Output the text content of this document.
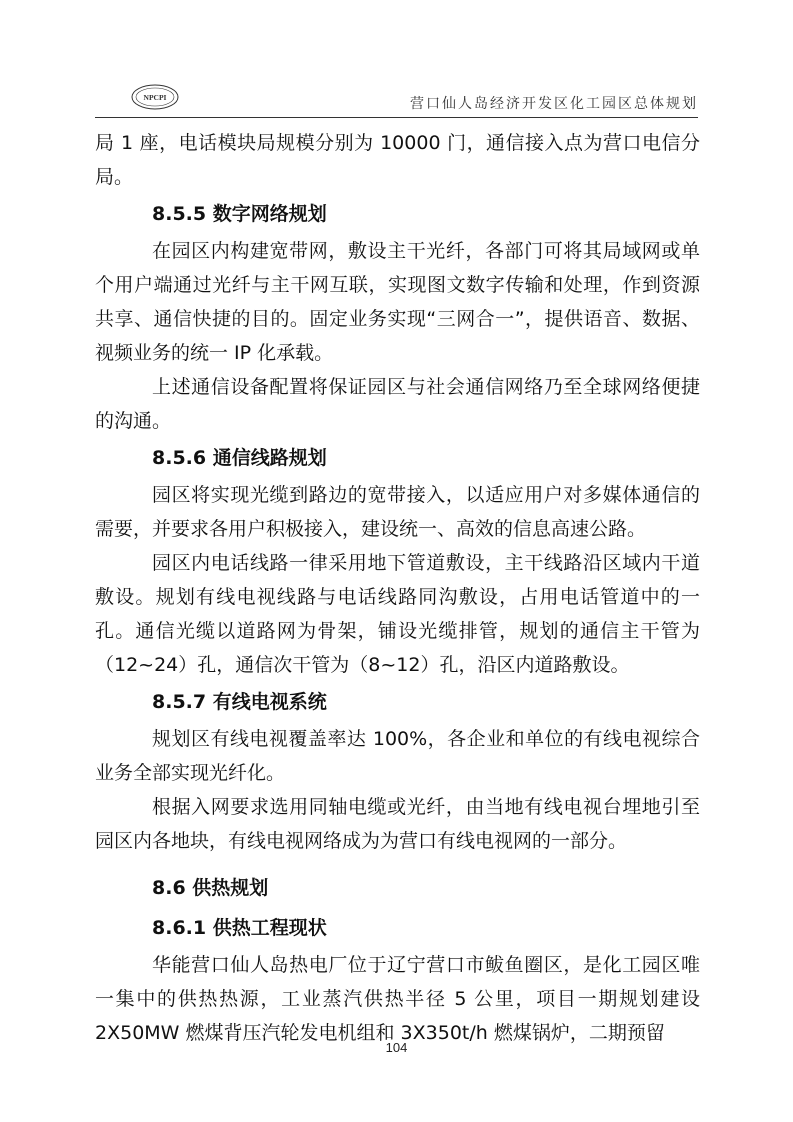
NPCPI	营口仙人岛经济开发区化工园区总体规划

局 1 座，电话模块局规模分别为 10000 门，通信接入点为营口电信分局。

8.5.5 数字网络规划

在园区内构建宽带网，敷设主干光纤，各部门可将其局域网或单个用户端通过光纤与主干网互联，实现图文数字传输和处理，作到资源共享、通信快捷的目的。固定业务实现“三网合一”，提供语音、数据、视频业务的统一 IP 化承载。

上述通信设备配置将保证园区与社会通信网络乃至全球网络便捷的沟通。

8.5.6 通信线路规划

园区将实现光缆到路边的宽带接入，以适应用户对多媒体通信的需要，并要求各用户积极接入，建设统一、高效的信息高速公路。

园区内电话线路一律采用地下管道敷设，主干线路沿区域内干道敷设。规划有线电视线路与电话线路同沟敷设，占用电话管道中的一孔。通信光缆以道路网为骨架，铺设光缆排管，规划的通信主干管为（12~24）孔，通信次干管为（8~12）孔，沿区内道路敷设。

8.5.7 有线电视系统

规划区有线电视覆盖率达 100%，各企业和单位的有线电视综合业务全部实现光纤化。

根据入网要求选用同轴电缆或光纤，由当地有线电视台埋地引至园区内各地块，有线电视网络成为为营口有线电视网的一部分。

8.6 供热规划
8.6.1 供热工程现状

华能营口仙人岛热电厂位于辽宁营口市鲅鱼圈区，是化工园区唯一集中的供热热源，工业蒸汽供热半径 5 公里，项目一期规划建设 2X50MW 燃煤背压汽轮发电机组和 3X350t/h 燃煤锅炉，二期预留

104
